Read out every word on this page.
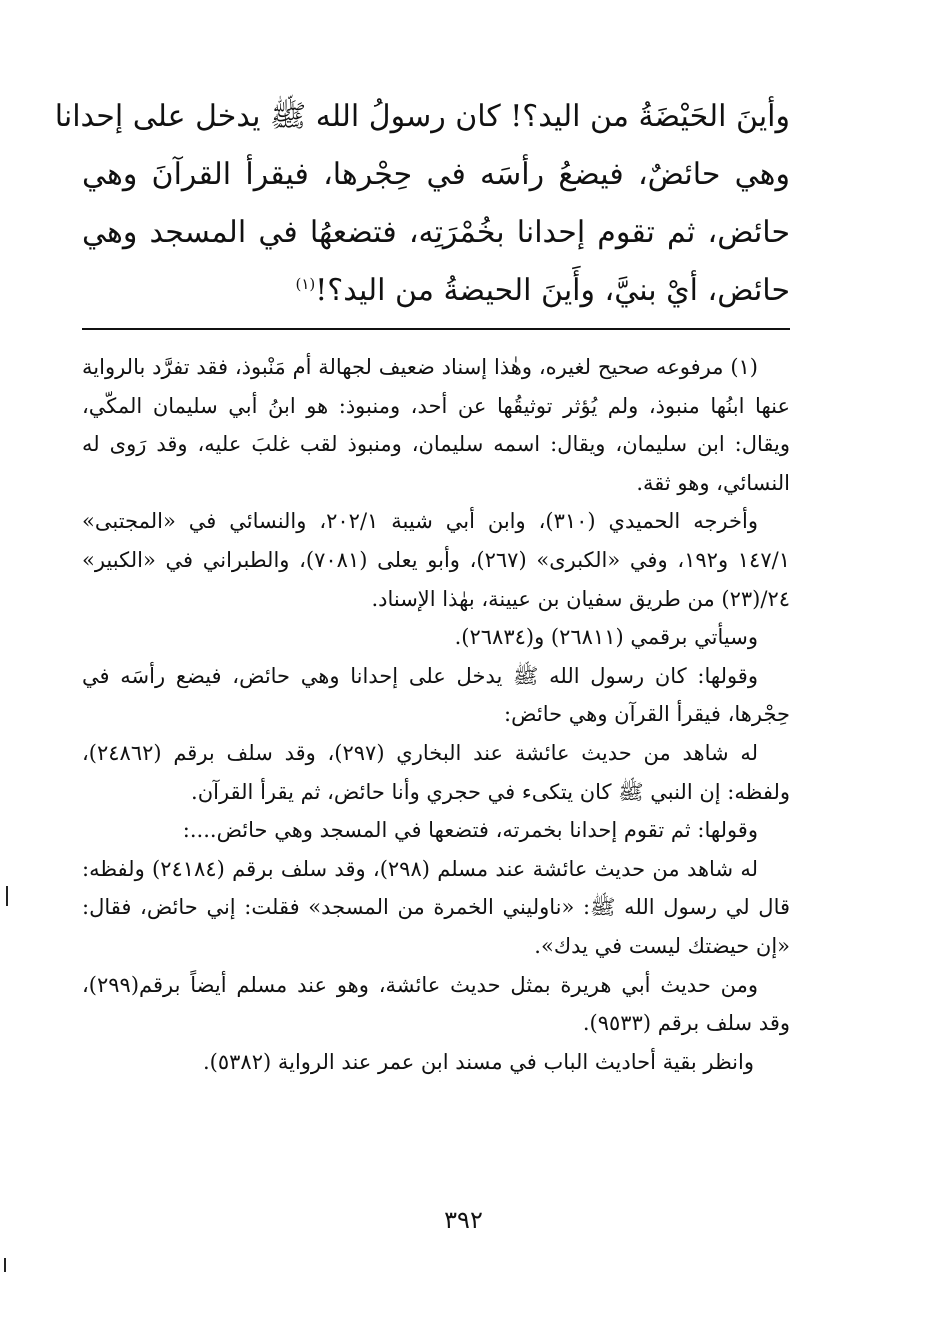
وأينَ الحَيْضَةُ من اليد؟! كان رسولُ الله ﷺ يدخل على إحدانا
وهي حائضٌ، فيضعُ رأسَه في حِجْرها، فيقرأ القرآنَ وهي
حائض، ثم تقوم إحدانا بخُمْرَتِه، فتضعهُا في المسجد وهي
حائض، أيْ بنيَّ، وأَينَ الحيضةُ من اليد؟!$^{(١)}$

(١) مرفوعه صحيح لغيره، وهٰذا إسناد ضعيف لجهالة أم مَنْبوذ، فقد تفرَّد بالرواية عنها ابنُها منبوذ، ولم يُؤثر توثيقُها عن أحد، ومنبوذ: هو ابنُ أبي سليمان المكّي، ويقال: ابن سليمان، ويقال: اسمه سليمان، ومنبوذ لقب غلبَ عليه، وقد رَوى له النسائي، وهو ثقة.

وأخرجه الحميدي (٣١٠)، وابن أبي شيبة ٢٠٢/١، والنسائي في «المجتبى» ١٤٧/١ و١٩٢، وفي «الكبرى» (٢٦٧)، وأبو يعلى (٧٠٨١)، والطبراني في «الكبير» ٢٤/(٢٣) من طريق سفيان بن عيينة، بهٰذا الإسناد.

وسيأتي برقمي (٢٦٨١١) و(٢٦٨٣٤).

وقولها: كان رسول الله ﷺ يدخل على إحدانا وهي حائض، فيضع رأسَه في حِجْرها، فيقرأ القرآن وهي حائض:

له شاهد من حديث عائشة عند البخاري (٢٩٧)، وقد سلف برقم (٢٤٨٦٢)، ولفظه: إن النبي ﷺ كان يتكىء في حجري وأنا حائض، ثم يقرأ القرآن.

وقولها: ثم تقوم إحدانا بخمرته، فتضعها في المسجد وهي حائض....:

له شاهد من حديث عائشة عند مسلم (٢٩٨)، وقد سلف برقم (٢٤١٨٤) ولفظه: قال لي رسول الله ﷺ: «ناوليني الخمرة من المسجد» فقلت: إني حائض، فقال: «إن حيضتك ليست في يدك».

ومن حديث أبي هريرة بمثل حديث عائشة، وهو عند مسلم أيضاً برقم(٢٩٩)، وقد سلف برقم (٩٥٣٣).

وانظر بقية أحاديث الباب في مسند ابن عمر عند الرواية (٥٣٨٢).

٣٩٢
